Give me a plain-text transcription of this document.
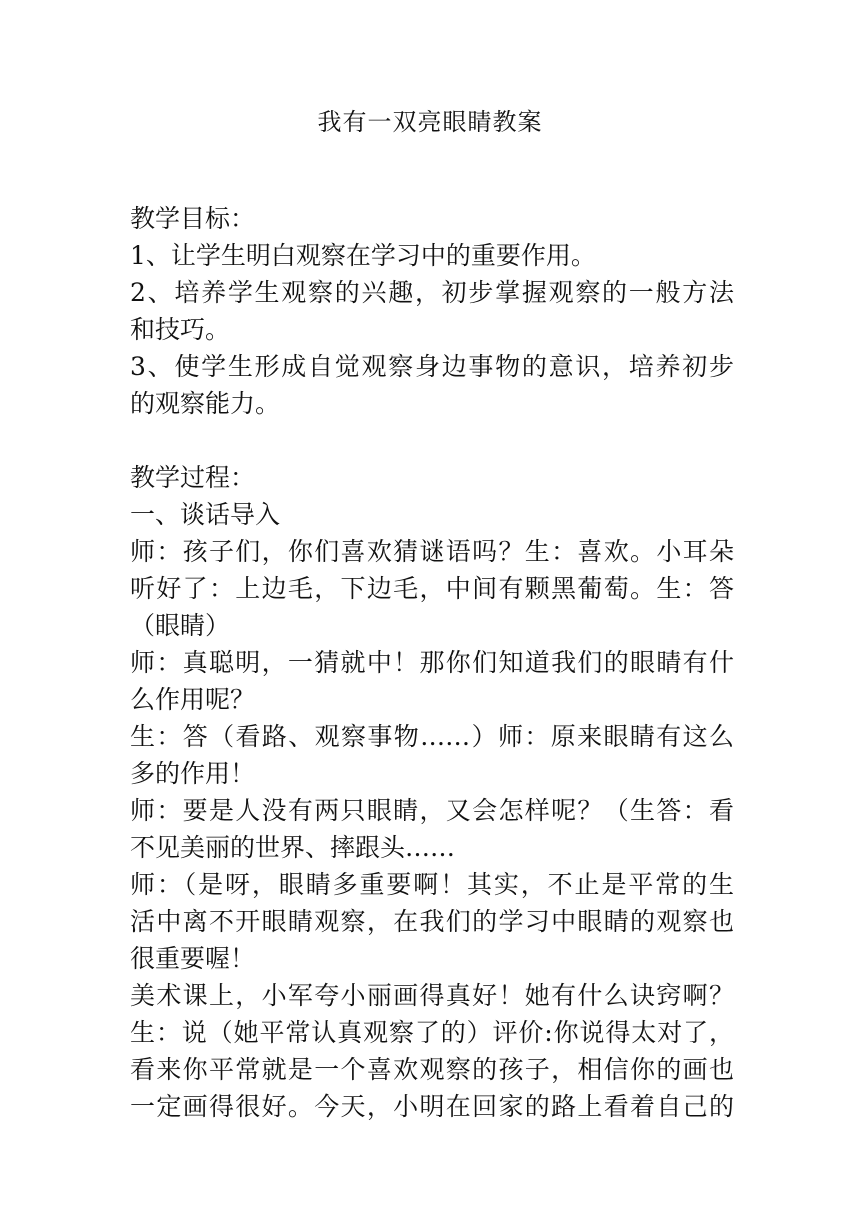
我有一双亮眼睛教案
教学目标：
1、让学生明白观察在学习中的重要作用。
2、培养学生观察的兴趣，初步掌握观察的一般方法
和技巧。
3、使学生形成自觉观察身边事物的意识，培养初步
的观察能力。
教学过程：
一、谈话导入
师：孩子们，你们喜欢猜谜语吗？生：喜欢。小耳朵
听好了：上边毛，下边毛，中间有颗黑葡萄。生：答
（眼睛）
师：真聪明，一猜就中！那你们知道我们的眼睛有什
么作用呢？
生：答（看路、观察事物……）师：原来眼睛有这么
多的作用！
师：要是人没有两只眼睛，又会怎样呢？（生答：看
不见美丽的世界、摔跟头……
师：（是呀，眼睛多重要啊！其实，不止是平常的生
活中离不开眼睛观察，在我们的学习中眼睛的观察也
很重要喔！
美术课上，小军夸小丽画得真好！她有什么诀窍啊？
生：说（她平常认真观察了的）评价:你说得太对了，
看来你平常就是一个喜欢观察的孩子，相信你的画也
一定画得很好。今天，小明在回家的路上看着自己的
